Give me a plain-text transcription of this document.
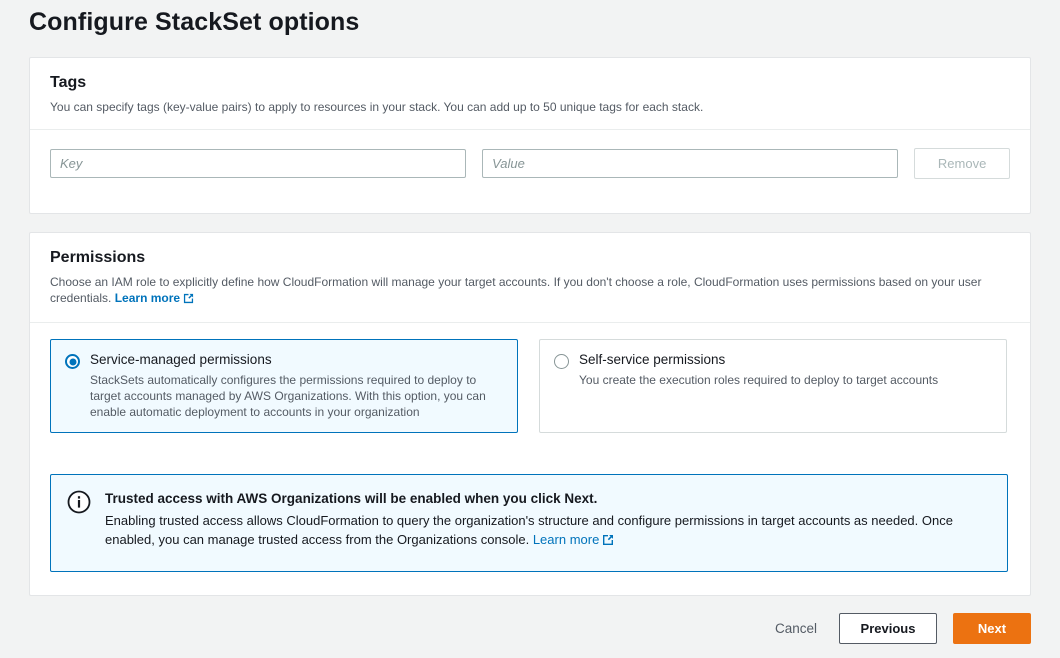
Configure StackSet options
Tags
You can specify tags (key-value pairs) to apply to resources in your stack. You can add up to 50 unique tags for each stack.
Key
Value
Remove
Permissions
Choose an IAM role to explicitly define how CloudFormation will manage your target accounts. If you don't choose a role, CloudFormation uses permissions based on your user credentials. Learn more
Service-managed permissions
StackSets automatically configures the permissions required to deploy to target accounts managed by AWS Organizations. With this option, you can enable automatic deployment to accounts in your organization
Self-service permissions
You create the execution roles required to deploy to target accounts
Trusted access with AWS Organizations will be enabled when you click Next.
Enabling trusted access allows CloudFormation to query the organization's structure and configure permissions in target accounts as needed. Once enabled, you can manage trusted access from the Organizations console. Learn more
Cancel	Previous	Next
